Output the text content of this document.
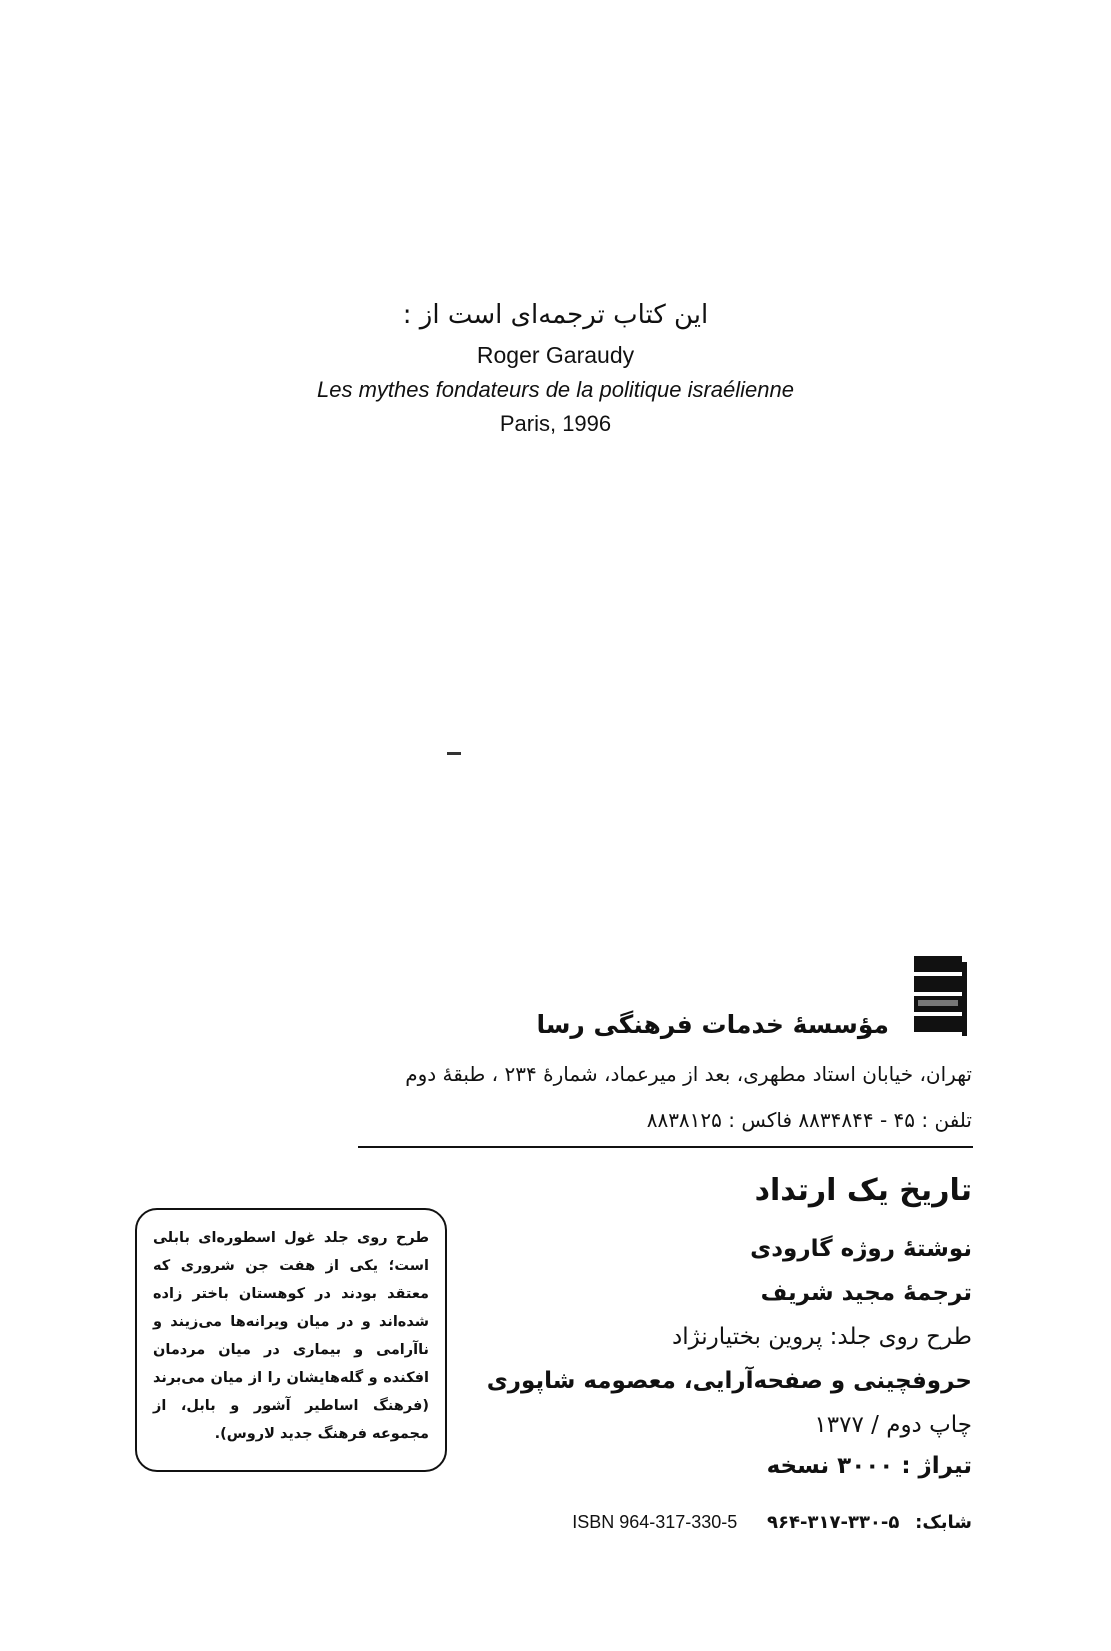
این کتاب ترجمه‌ای است از :
Roger Garaudy
Les mythes fondateurs de la politique israélienne
Paris, 1996
مؤسسهٔ خدمات فرهنگی رسا
تهران، خیابان استاد مطهری، بعد از میرعماد، شمارهٔ ۲۳۴ ، طبقهٔ دوم
تلفن : ۴۵ - ۸۸۳۴۸۴۴ فاکس : ۸۸۳۸۱۲۵
تاریخ یک ارتداد
نوشتهٔ روژه گارودی
ترجمهٔ مجید شریف
طرح روی جلد: پروین بختیارنژاد
حروفچینی و صفحه‌آرایی، معصومه شاپوری
چاپ دوم / ۱۳۷۷
تیراژ : ۳۰۰۰ نسخه
شابک: ۵-۳۳۰-۳۱۷-۹۶۴ ISBN 964-317-330-5
طرح روی جلد غول اسطوره‌ای بابلی است؛ یکی از هفت جن شروری که معتقد بودند در کوهستان باختر زاده شده‌اند و در میان ویرانه‌ها می‌زیند و ناآرامی و بیماری در میان مردمان افکنده و گله‌هایشان را از میان می‌برند (فرهنگ اساطیر آشور و بابل، از مجموعه فرهنگ جدید لاروس).
